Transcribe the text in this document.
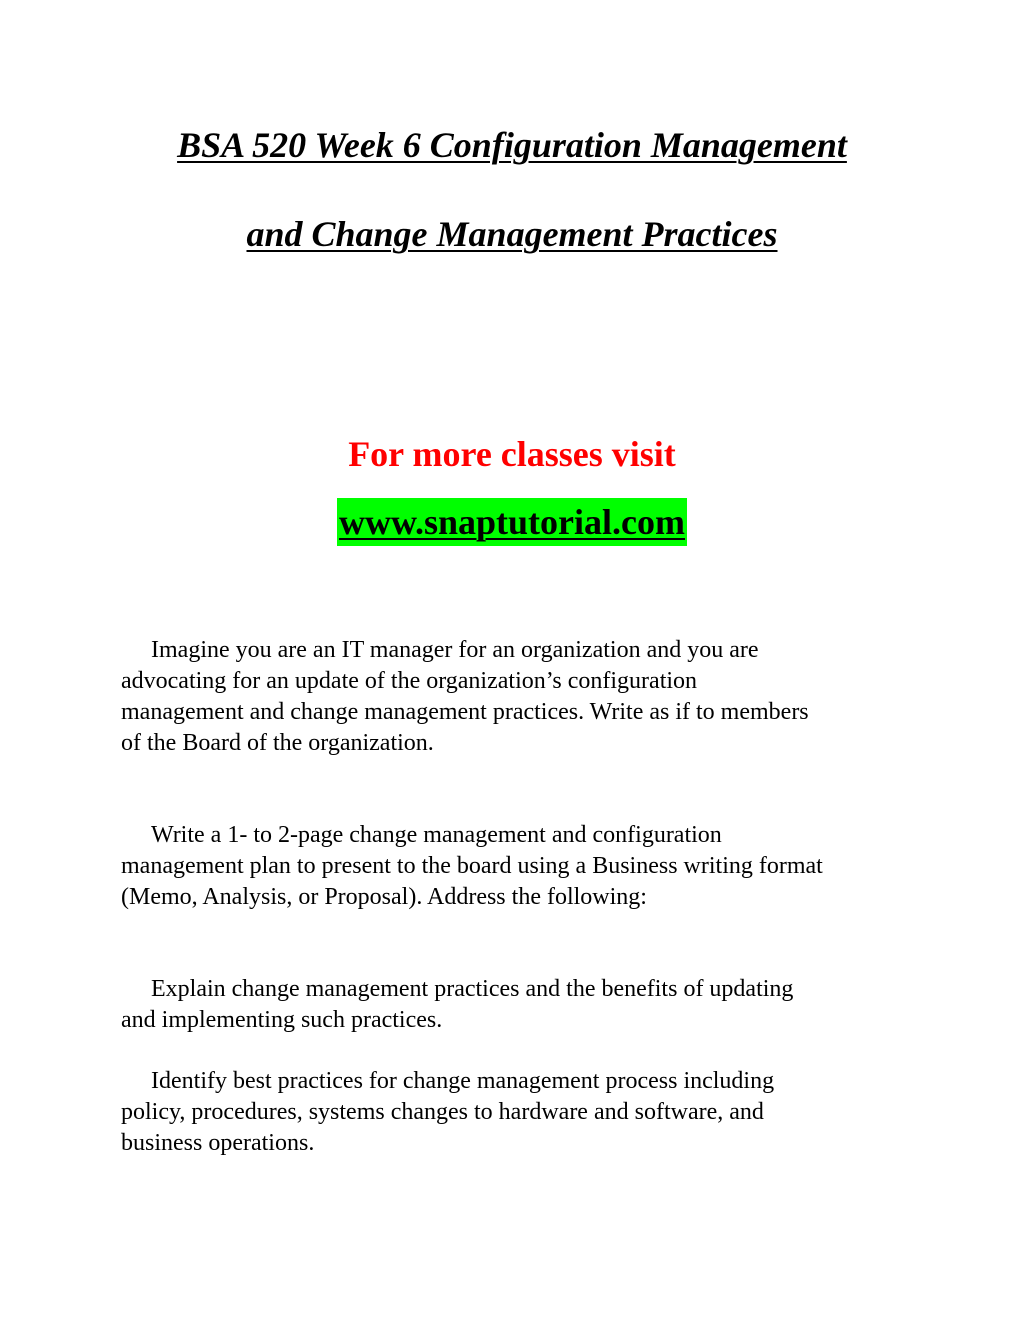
BSA 520 Week 6 Configuration Management
and Change Management Practices
For more classes visit
www.snaptutorial.com
Imagine you are an IT manager for an organization and you are
advocating for an update of the organization’s configuration
management and change management practices. Write as if to members
of the Board of the organization.
Write a 1- to 2-page change management and configuration
management plan to present to the board using a Business writing format
(Memo, Analysis, or Proposal). Address the following:
Explain change management practices and the benefits of updating
and implementing such practices.
Identify best practices for change management process including
policy, procedures, systems changes to hardware and software, and
business operations.
